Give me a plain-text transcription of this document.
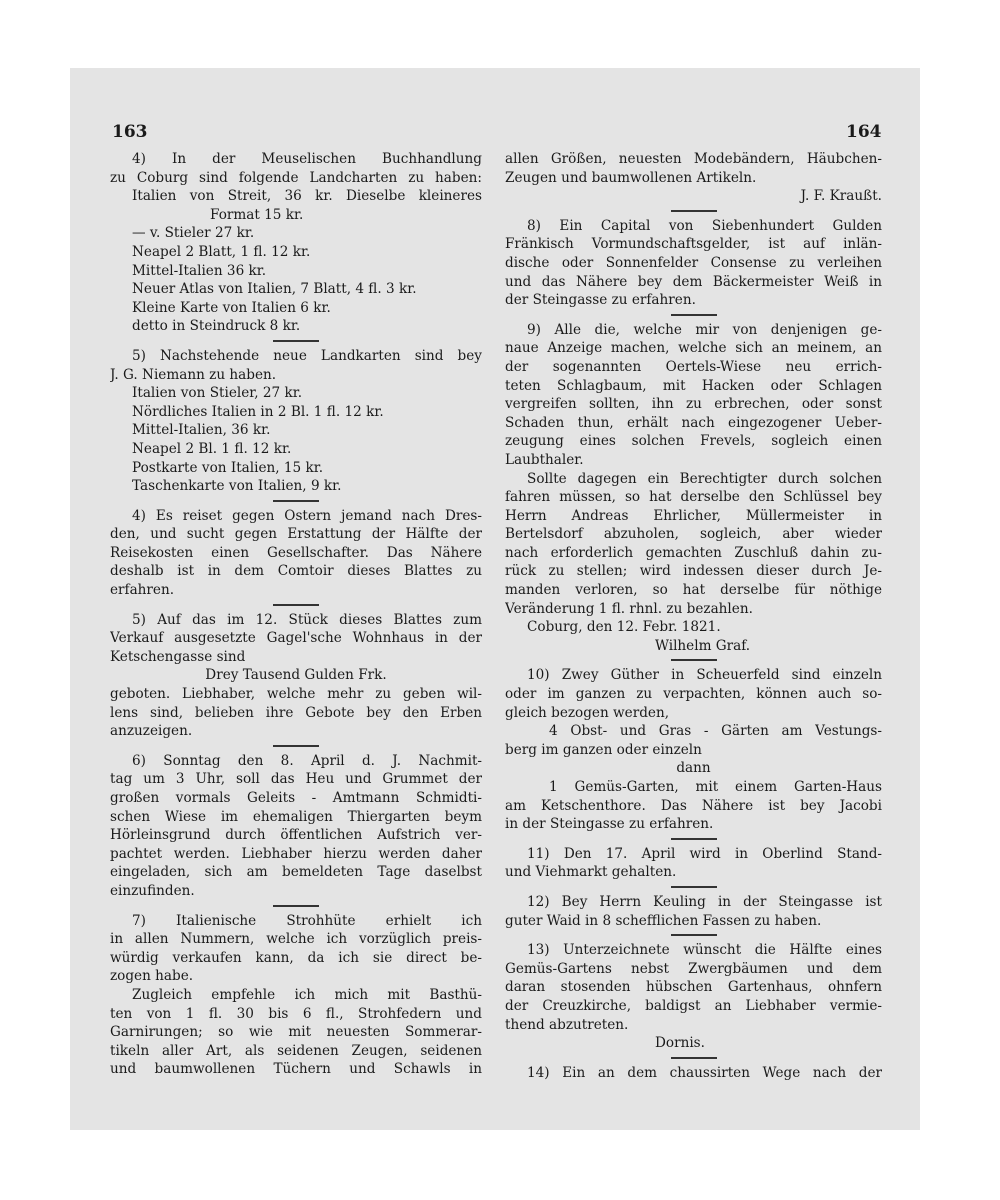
163	164

4) In der Meuselischen Buchhandlung
zu Coburg sind folgende Landcharten zu haben:
Italien von Streit, 36 kr. Dieselbe kleineres
Format 15 kr.
— v. Stieler 27 kr.
Neapel 2 Blatt, 1 fl. 12 kr.
Mittel-Italien 36 kr.
Neuer Atlas von Italien, 7 Blatt, 4 fl. 3 kr.
Kleine Karte von Italien 6 kr.
detto in Steindruck 8 kr.

5) Nachstehende neue Landkarten sind bey
J. G. Niemann zu haben.
Italien von Stieler, 27 kr.
Nördliches Italien in 2 Bl. 1 fl. 12 kr.
Mittel-Italien, 36 kr.
Neapel 2 Bl. 1 fl. 12 kr.
Postkarte von Italien, 15 kr.
Taschenkarte von Italien, 9 kr.

4) Es reiset gegen Ostern jemand nach Dres-
den, und sucht gegen Erstattung der Hälfte der
Reisekosten einen Gesellschafter. Das Nähere
deshalb ist in dem Comtoir dieses Blattes zu
erfahren.

5) Auf das im 12. Stück dieses Blattes zum
Verkauf ausgesetzte Gagel'sche Wohnhaus in der
Ketschengasse sind
Drey Tausend Gulden Frk.
geboten. Liebhaber, welche mehr zu geben wil-
lens sind, belieben ihre Gebote bey den Erben
anzuzeigen.

6) Sonntag den 8. April d. J. Nachmit-
tag um 3 Uhr, soll das Heu und Grummet der
großen vormals Geleits - Amtmann Schmidti-
schen Wiese im ehemaligen Thiergarten beym
Hörleinsgrund durch öffentlichen Aufstrich ver-
pachtet werden. Liebhaber hierzu werden daher
eingeladen, sich am bemeldeten Tage daselbst
einzufinden.

7) Italienische Strohhüte erhielt ich
in allen Nummern, welche ich vorzüglich preis-
würdig verkaufen kann, da ich sie direct be-
zogen habe.
Zugleich empfehle ich mich mit Basthü-
ten von 1 fl. 30 bis 6 fl., Strohfedern und
Garnirungen; so wie mit neuesten Sommerar-
tikeln aller Art, als seidenen Zeugen, seidenen
und baumwollenen Tüchern und Schawls in

allen Größen, neuesten Modebändern, Häubchen-
Zeugen und baumwollenen Artikeln.
J. F. Kraußt.

8) Ein Capital von Siebenhundert Gulden
Fränkisch Vormundschaftsgelder, ist auf inlän-
dische oder Sonnenfelder Consense zu verleihen
und das Nähere bey dem Bäckermeister Weiß in
der Steingasse zu erfahren.

9) Alle die, welche mir von denjenigen ge-
naue Anzeige machen, welche sich an meinem, an
der sogenannten Oertels-Wiese neu errich-
teten Schlagbaum, mit Hacken oder Schlagen
vergreifen sollten, ihn zu erbrechen, oder sonst
Schaden thun, erhält nach eingezogener Ueber-
zeugung eines solchen Frevels, sogleich einen
Laubthaler.
Sollte dagegen ein Berechtigter durch solchen
fahren müssen, so hat derselbe den Schlüssel bey
Herrn Andreas Ehrlicher, Müllermeister in
Bertelsdorf abzuholen, sogleich, aber wieder
nach erforderlich gemachten Zuschluß dahin zu-
rück zu stellen; wird indessen dieser durch Je-
manden verloren, so hat derselbe für nöthige
Veränderung 1 fl. rhnl. zu bezahlen.
Coburg, den 12. Febr. 1821.
Wilhelm Graf.

10) Zwey Güther in Scheuerfeld sind einzeln
oder im ganzen zu verpachten, können auch so-
gleich bezogen werden,
4 Obst- und Gras - Gärten am Vestungs-
berg im ganzen oder einzeln
dann
1 Gemüs-Garten, mit einem Garten-Haus
am Ketschenthore. Das Nähere ist bey Jacobi
in der Steingasse zu erfahren.

11) Den 17. April wird in Oberlind Stand-
und Viehmarkt gehalten.

12) Bey Herrn Keuling in der Steingasse ist
guter Waid in 8 schefflichen Fassen zu haben.

13) Unterzeichnete wünscht die Hälfte eines
Gemüs-Gartens nebst Zwergbäumen und dem
daran stosenden hübschen Gartenhaus, ohnfern
der Creuzkirche, baldigst an Liebhaber vermie-
thend abzutreten.
Dornis.

14) Ein an dem chaussirten Wege nach der
